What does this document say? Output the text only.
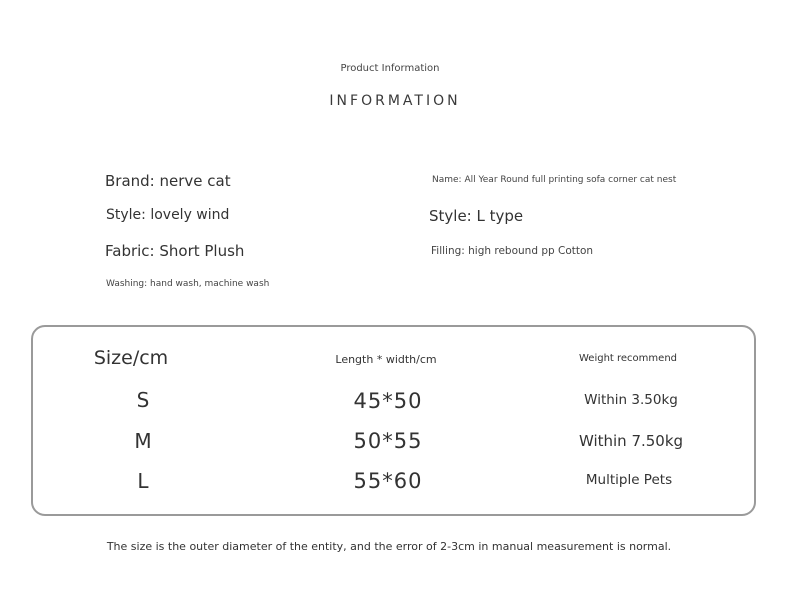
Product Information
INFORMATION
Brand: nerve cat	Name: All Year Round full printing sofa corner cat nest
Style: lovely wind	Style: L type
Fabric: Short Plush	Filling: high rebound pp Cotton
Washing: hand wash, machine wash
Size/cm	Length * width/cm	Weight recommend
S	45*50	Within 3.50kg
M	50*55	Within 7.50kg
L	55*60	Multiple Pets
The size is the outer diameter of the entity, and the error of 2-3cm in manual measurement is normal.
